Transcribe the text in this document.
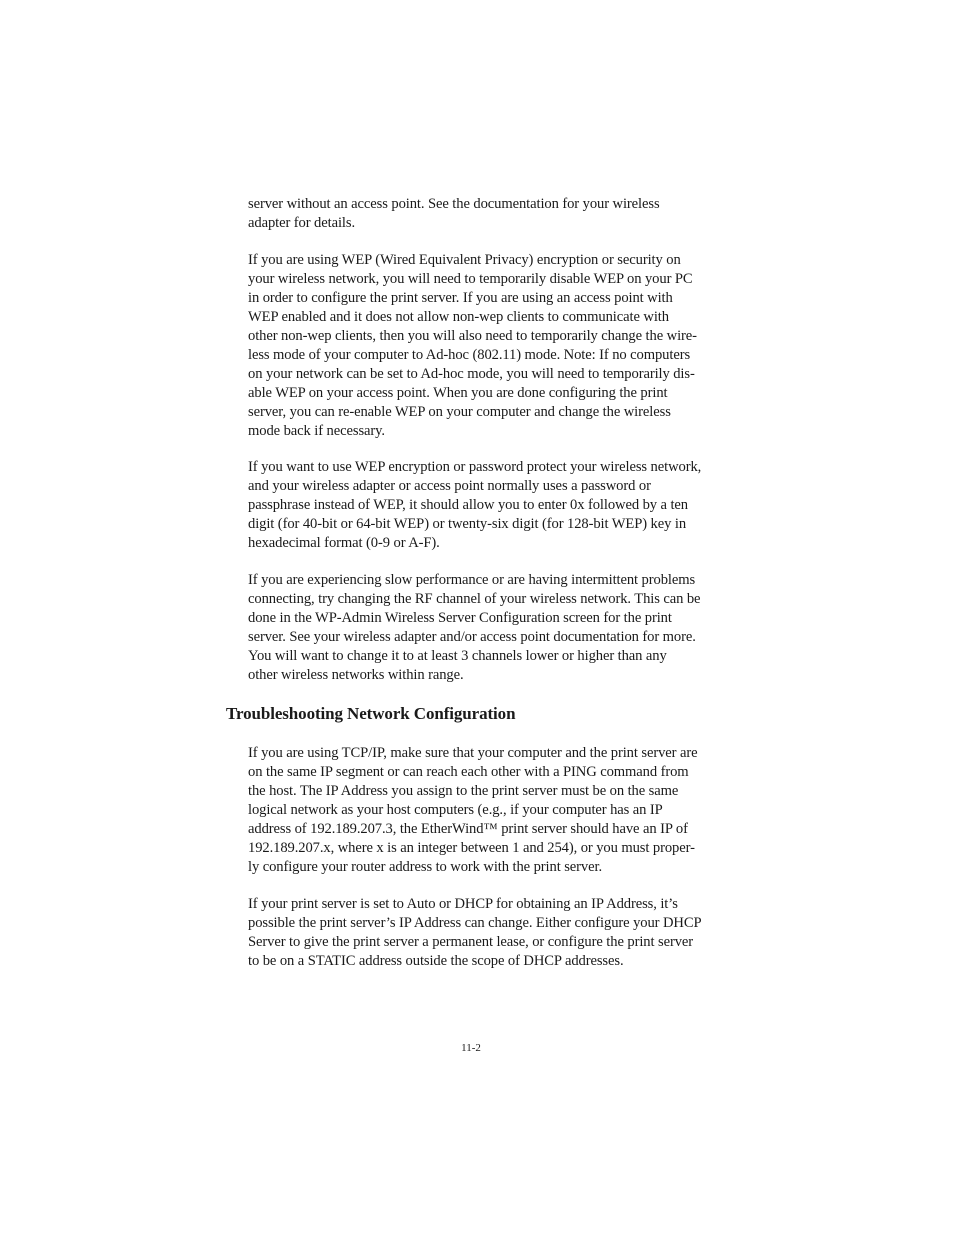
server without an access point. See the documentation for your wireless
adapter for details.

If you are using WEP (Wired Equivalent Privacy) encryption or security on
your wireless network, you will need to temporarily disable WEP on your PC
in order to configure the print server. If you are using an access point with
WEP enabled and it does not allow non-wep clients to communicate with
other non-wep clients, then you will also need to temporarily change the wire-
less mode of your computer to Ad-hoc (802.11) mode. Note: If no computers
on your network can be set to Ad-hoc mode, you will need to temporarily dis-
able WEP on your access point. When you are done configuring the print
server, you can re-enable WEP on your computer and change the wireless
mode back if necessary.

If you want to use WEP encryption or password protect your wireless network,
and your wireless adapter or access point normally uses a password or
passphrase instead of WEP, it should allow you to enter 0x followed by a ten
digit (for 40-bit or 64-bit WEP) or twenty-six digit (for 128-bit WEP) key in
hexadecimal format (0-9 or A-F).

If you are experiencing slow performance or are having intermittent problems
connecting, try changing the RF channel of your wireless network. This can be
done in the WP-Admin Wireless Server Configuration screen for the print
server. See your wireless adapter and/or access point documentation for more.
You will want to change it to at least 3 channels lower or higher than any
other wireless networks within range.

Troubleshooting Network Configuration

If you are using TCP/IP, make sure that your computer and the print server are
on the same IP segment or can reach each other with a PING command from
the host. The IP Address you assign to the print server must be on the same
logical network as your host computers (e.g., if your computer has an IP
address of 192.189.207.3, the EtherWind™ print server should have an IP of
192.189.207.x, where x is an integer between 1 and 254), or you must proper-
ly configure your router address to work with the print server.

If your print server is set to Auto or DHCP for obtaining an IP Address, it’s
possible the print server’s IP Address can change. Either configure your DHCP
Server to give the print server a permanent lease, or configure the print server
to be on a STATIC address outside the scope of DHCP addresses.

11-2
